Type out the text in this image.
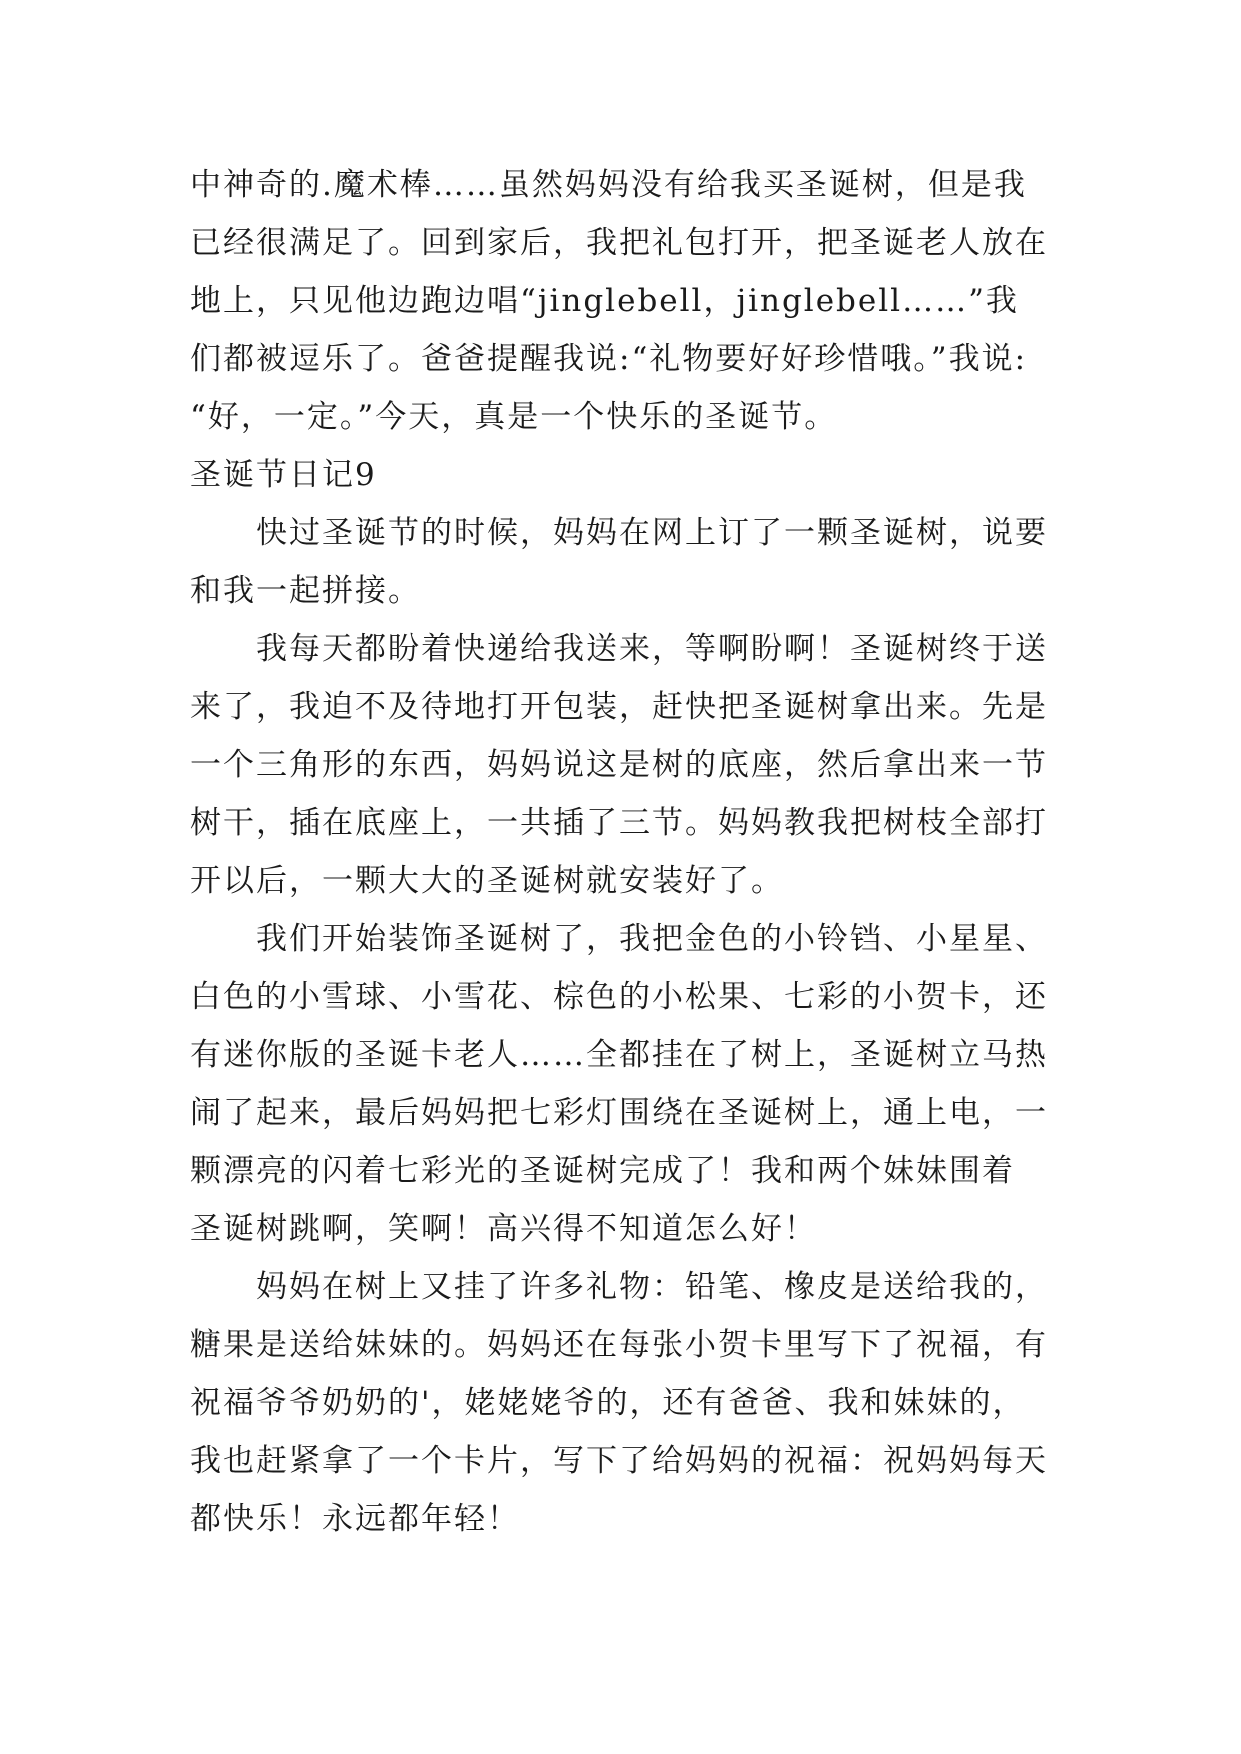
中神奇的.魔术棒……虽然妈妈没有给我买圣诞树，但是我
已经很满足了。回到家后，我把礼包打开，把圣诞老人放在
地上，只见他边跑边唱“jinglebell，jinglebell……”我
们都被逗乐了。爸爸提醒我说:“礼物要好好珍惜哦。”我说:
“好，一定。”今天，真是一个快乐的圣诞节。
圣诞节日记9
快过圣诞节的时候，妈妈在网上订了一颗圣诞树，说要
和我一起拼接。
我每天都盼着快递给我送来，等啊盼啊！圣诞树终于送
来了，我迫不及待地打开包装，赶快把圣诞树拿出来。先是
一个三角形的东西，妈妈说这是树的底座，然后拿出来一节
树干，插在底座上，一共插了三节。妈妈教我把树枝全部打
开以后，一颗大大的圣诞树就安装好了。
我们开始装饰圣诞树了，我把金色的小铃铛、小星星、
白色的小雪球、小雪花、棕色的小松果、七彩的小贺卡，还
有迷你版的圣诞卡老人……全都挂在了树上，圣诞树立马热
闹了起来，最后妈妈把七彩灯围绕在圣诞树上，通上电，一
颗漂亮的闪着七彩光的圣诞树完成了！我和两个妹妹围着
圣诞树跳啊，笑啊！高兴得不知道怎么好！
妈妈在树上又挂了许多礼物：铅笔、橡皮是送给我的，
糖果是送给妹妹的。妈妈还在每张小贺卡里写下了祝福，有
祝福爷爷奶奶的'，姥姥姥爷的，还有爸爸、我和妹妹的，
我也赶紧拿了一个卡片，写下了给妈妈的祝福：祝妈妈每天
都快乐！永远都年轻！
